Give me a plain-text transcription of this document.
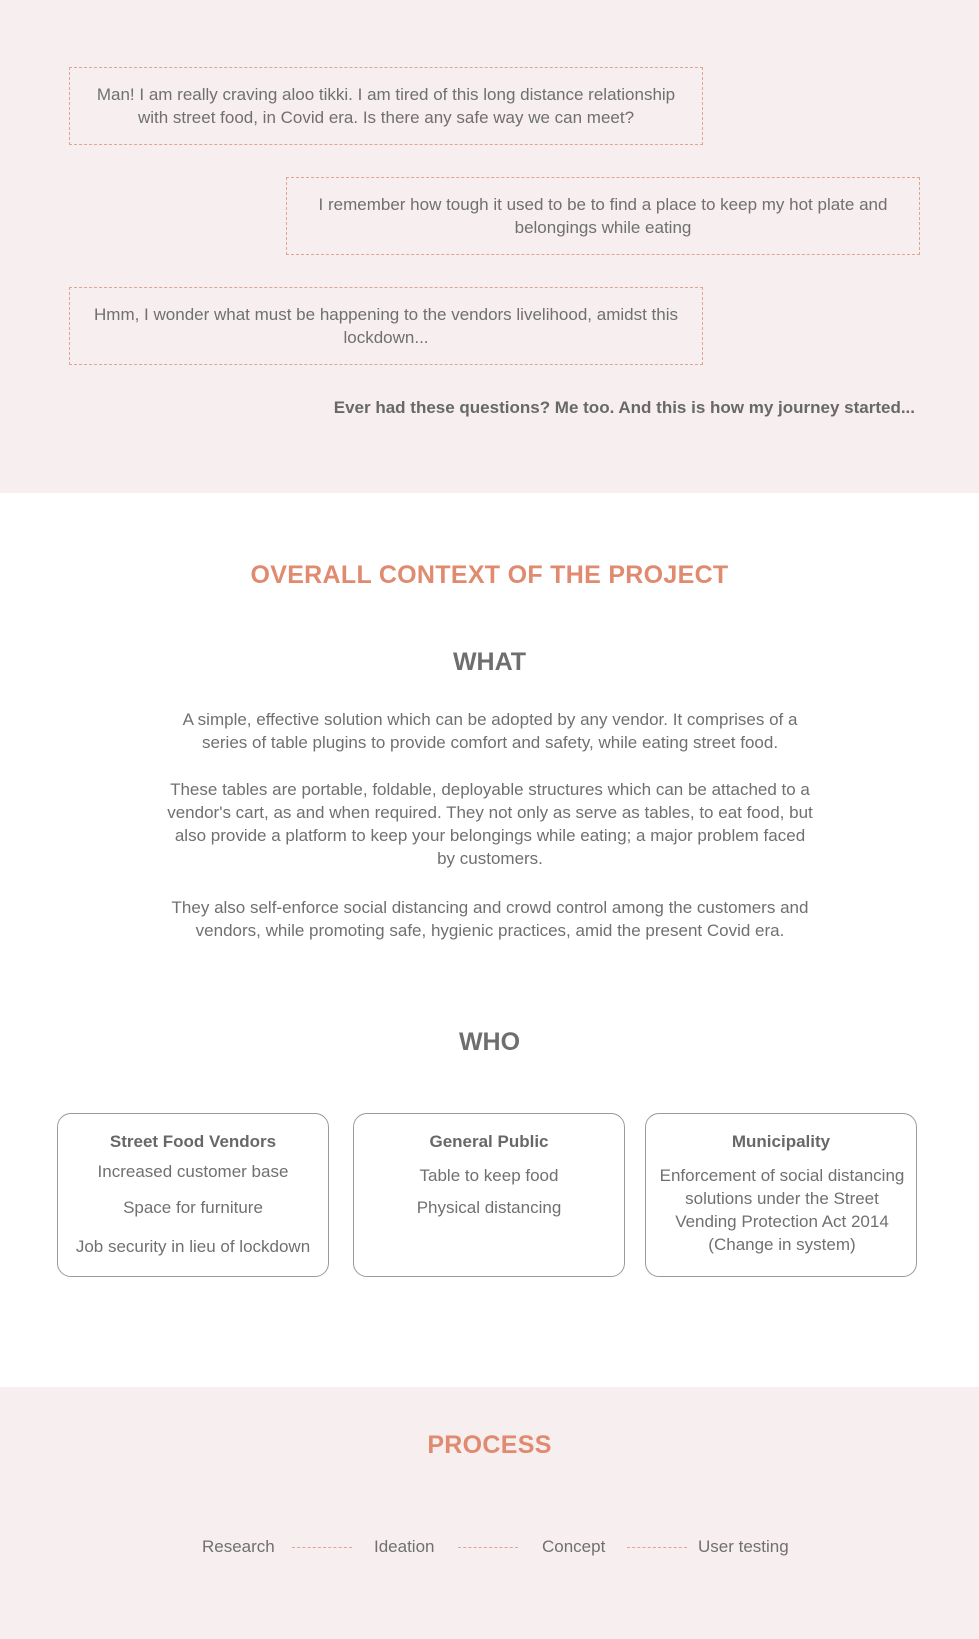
Man! I am really craving aloo tikki. I am tired of this long distance relationship with street food, in Covid era. Is there any safe way we can meet?
I remember how tough it used to be to find a place to keep my hot plate and belongings while eating
Hmm, I wonder what must be happening to the vendors livelihood, amidst this lockdown...
Ever had these questions? Me too. And this is how my journey started...
OVERALL CONTEXT OF THE PROJECT
WHAT

A simple, effective solution which can be adopted by any vendor. It comprises of a series of table plugins to provide comfort and safety, while eating street food.

These tables are portable, foldable, deployable structures which can be attached to a vendor's cart, as and when required. They not only as serve as tables, to eat food, but also provide a platform to keep your belongings while eating; a major problem faced by customers.

They also self-enforce social distancing and crowd control among the customers and vendors, while promoting safe, hygienic practices, amid the present Covid era.

WHO
Street Food Vendors
Increased customer base
Space for furniture
Job security in lieu of lockdown
General Public
Table to keep food
Physical distancing
Municipality
Enforcement of social distancing solutions under the Street Vending Protection Act 2014 (Change in system)
PROCESS
Research	Ideation	Concept	User testing
